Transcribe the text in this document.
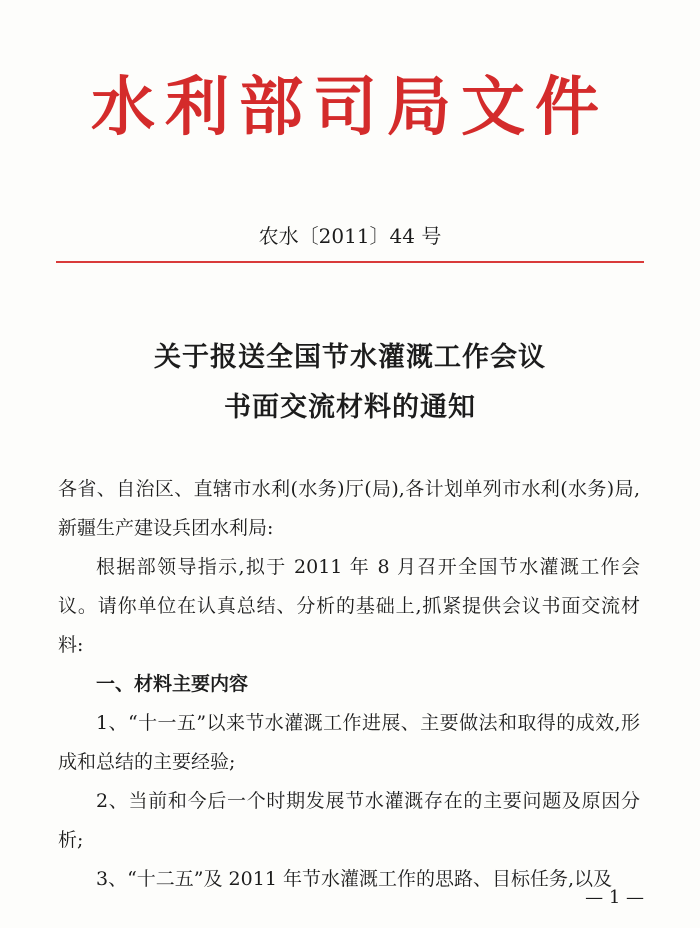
水利部司局文件
农水〔2011〕44 号
关于报送全国节水灌溉工作会议
书面交流材料的通知

各省、自治区、直辖市水利(水务)厅(局),各计划单列市水利(水务)局,新疆生产建设兵团水利局:

根据部领导指示,拟于 2011 年 8 月召开全国节水灌溉工作会议。请你单位在认真总结、分析的基础上,抓紧提供会议书面交流材料:

一、材料主要内容

1、“十一五”以来节水灌溉工作进展、主要做法和取得的成效,形成和总结的主要经验;

2、当前和今后一个时期发展节水灌溉存在的主要问题及原因分析;

3、“十二五”及 2011 年节水灌溉工作的思路、目标任务,以及

— 1 —
